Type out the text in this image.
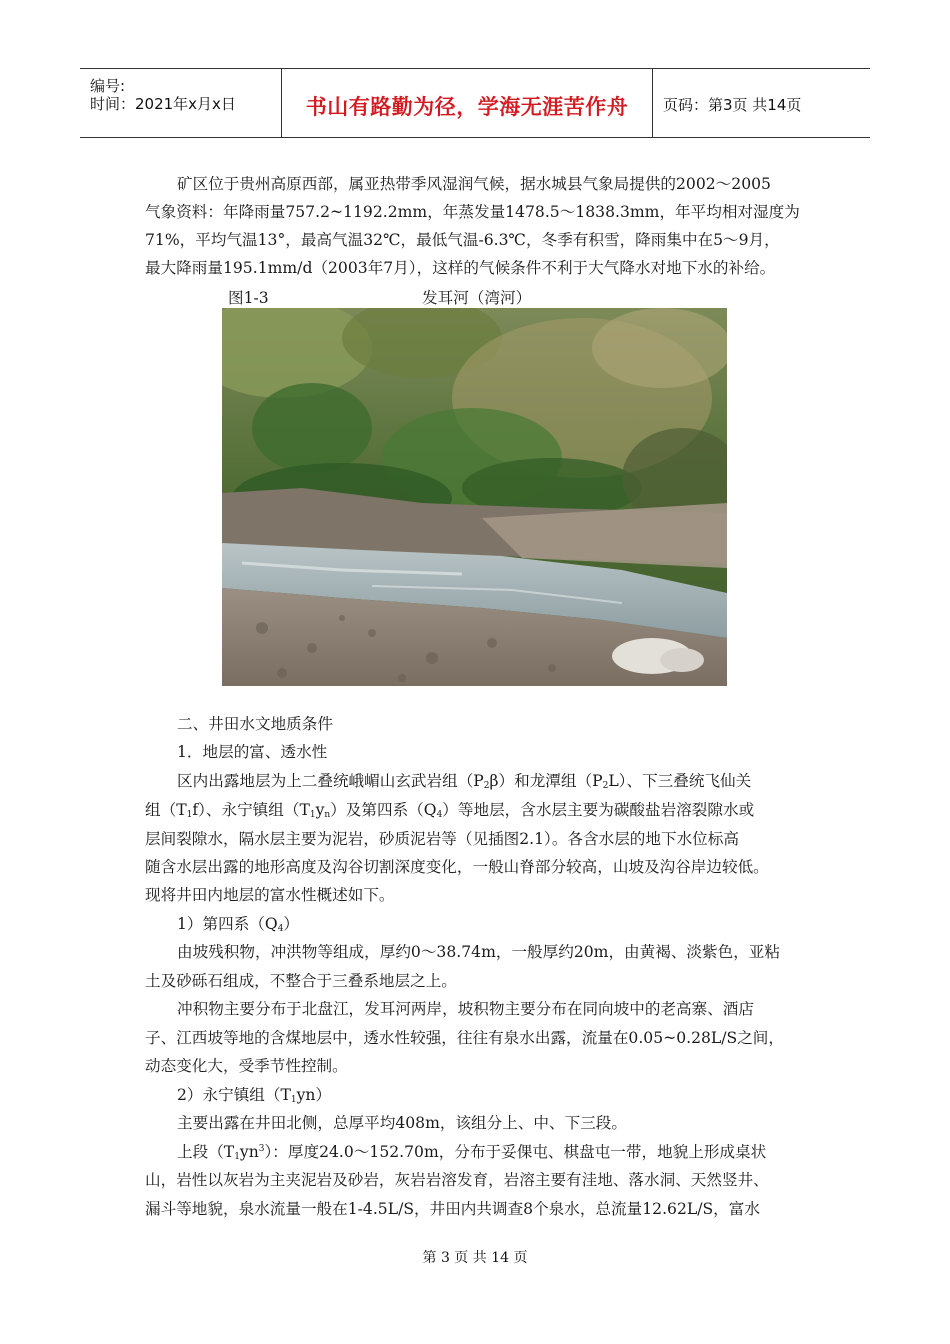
编号:
时间：2021年x月x日	书山有路勤为径，学海无涯苦作舟	页码：第3页 共14页
矿区位于贵州高原西部，属亚热带季风湿润气候，据水城县气象局提供的2002～2005
气象资料：年降雨量757.2~1192.2mm，年蒸发量1478.5～1838.3mm，年平均相对湿度为
71%，平均气温13°，最高气温32℃，最低气温-6.3℃，冬季有积雪，降雨集中在5～9月，
最大降雨量195.1mm/d（2003年7月），这样的气候条件不利于大气降水对地下水的补给。
图1-3	发耳河（湾河）
二、井田水文地质条件
1．地层的富、透水性
区内出露地层为上二叠统峨嵋山玄武岩组$(P_2\beta)$和龙潭组$(P_2L)$、下三叠统飞仙关
组$(T_1f)$、永宁镇组$(T_1y_n)$及第四系$(Q_4)$等地层，含水层主要为碳酸盐岩溶裂隙水或
层间裂隙水，隔水层主要为泥岩，砂质泥岩等（见插图2.1）。各含水层的地下水位标高
随含水层出露的地形高度及沟谷切割深度变化，一般山脊部分较高，山坡及沟谷岸边较低。
现将井田内地层的富水性概述如下。
1）第四系$(Q_4)$
由坡残积物，冲洪物等组成，厚约0～38.74m，一般厚约20m，由黄褐、淡紫色，亚粘
土及砂砾石组成，不整合于三叠系地层之上。
冲积物主要分布于北盘江，发耳河两岸，坡积物主要分布在同向坡中的老高寨、酒店
子、江西坡等地的含煤地层中，透水性较强，往往有泉水出露，流量在0.05~0.28L/S之间，
动态变化大，受季节性控制。
2）永宁镇组$(T_1yn)$
主要出露在井田北侧，总厚平均408m，该组分上、中、下三段。
上段$(T_1yn^3)$：厚度24.0～152.70m，分布于妥倮屯、棋盘屯一带，地貌上形成桌状
山，岩性以灰岩为主夹泥岩及砂岩，灰岩岩溶发育，岩溶主要有洼地、落水洞、天然竖井、
漏斗等地貌，泉水流量一般在1-4.5L/S，井田内共调查8个泉水，总流量12.62L/S，富水
第 3 页 共 14 页
